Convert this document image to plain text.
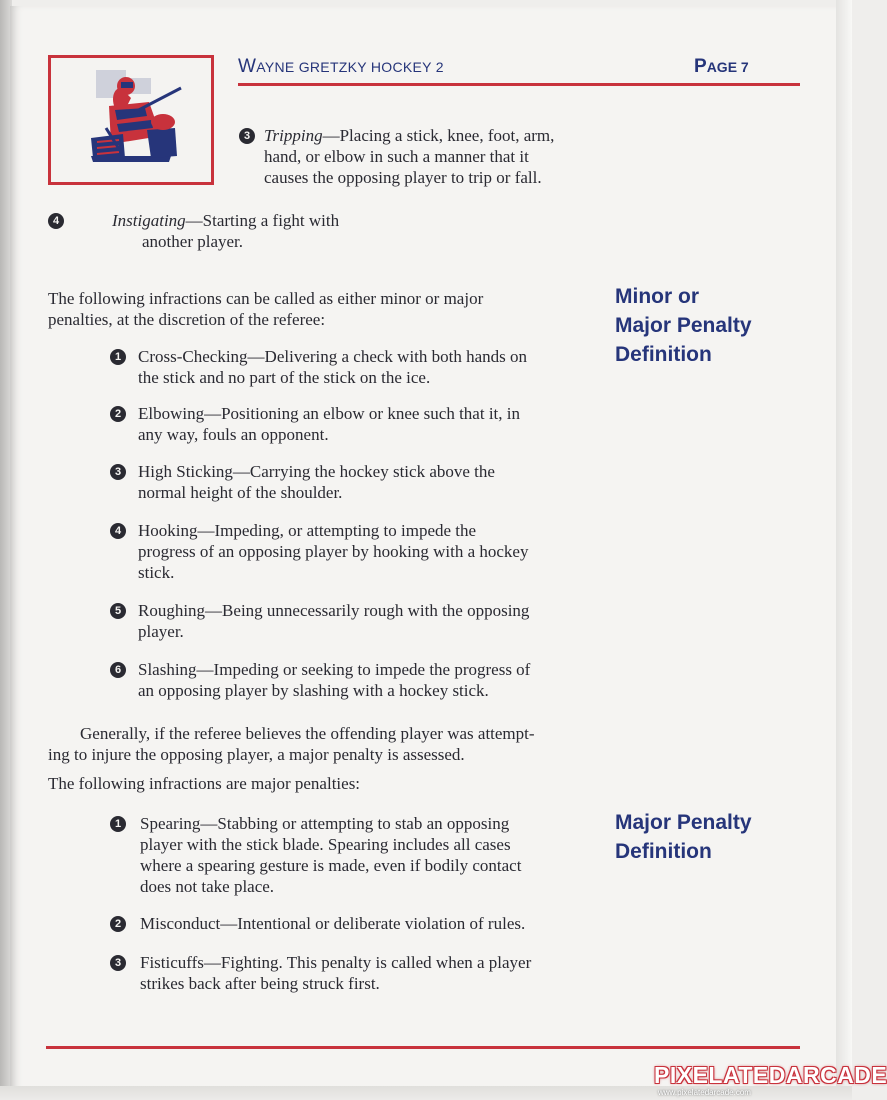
WAYNE GRETZKY HOCKEY 2	PAGE 7
3 Tripping—Placing a stick, knee, foot, arm,
hand, or elbow in such a manner that it
causes the opposing player to trip or fall.
4	Instigating—Starting a fight with
another player.
The following infractions can be called as either minor or major
penalties, at the discretion of the referee:
Minor or
Major Penalty
Definition
1 Cross-Checking—Delivering a check with both hands on
the stick and no part of the stick on the ice.
2 Elbowing—Positioning an elbow or knee such that it, in
any way, fouls an opponent.
3 High Sticking—Carrying the hockey stick above the
normal height of the shoulder.
4 Hooking—Impeding, or attempting to impede the
progress of an opposing player by hooking with a hockey
stick.
5 Roughing—Being unnecessarily rough with the opposing
player.
6 Slashing—Impeding or seeking to impede the progress of
an opposing player by slashing with a hockey stick.
Generally, if the referee believes the offending player was attempt-
ing to injure the opposing player, a major penalty is assessed.
The following infractions are major penalties:
Major Penalty
Definition
1 Spearing—Stabbing or attempting to stab an opposing
player with the stick blade. Spearing includes all cases
where a spearing gesture is made, even if bodily contact
does not take place.
2 Misconduct—Intentional or deliberate violation of rules.
3 Fisticuffs—Fighting. This penalty is called when a player
strikes back after being struck first.
PIXELATEDARCADE
www.pixelatedarcade.com
